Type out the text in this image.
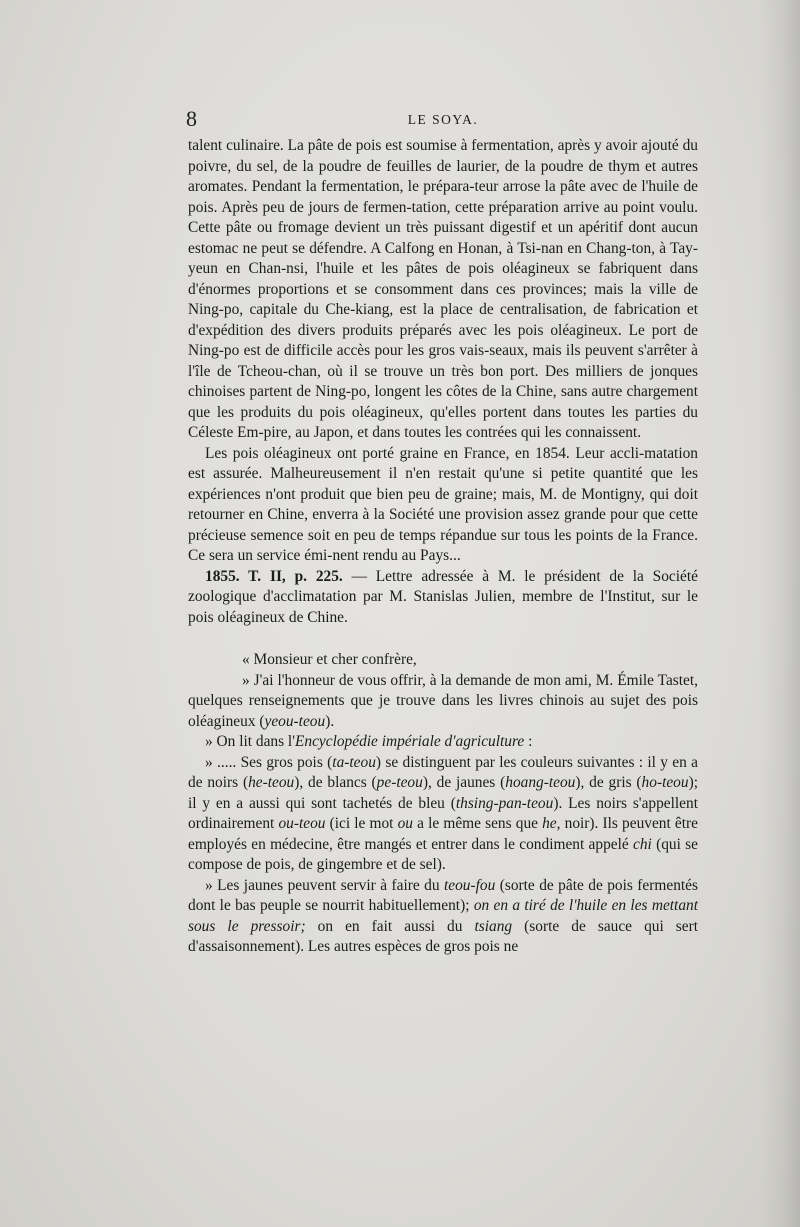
8	LE SOYA.

talent culinaire. La pâte de pois est soumise à fermentation, après y avoir ajouté du poivre, du sel, de la poudre de feuilles de laurier, de la poudre de thym et autres aromates. Pendant la fermentation, le prépara-teur arrose la pâte avec de l'huile de pois. Après peu de jours de fermen-tation, cette préparation arrive au point voulu. Cette pâte ou fromage devient un très puissant digestif et un apéritif dont aucun estomac ne peut se défendre. A Calfong en Honan, à Tsi-nan en Chang-ton, à Tay-yeun en Chan-nsi, l'huile et les pâtes de pois oléagineux se fabriquent dans d'énormes proportions et se consomment dans ces provinces; mais la ville de Ning-po, capitale du Che-kiang, est la place de centralisation, de fabrication et d'expédition des divers produits préparés avec les pois oléagineux. Le port de Ning-po est de difficile accès pour les gros vais-seaux, mais ils peuvent s'arrêter à l'île de Tcheou-chan, où il se trouve un très bon port. Des milliers de jonques chinoises partent de Ning-po, longent les côtes de la Chine, sans autre chargement que les produits du pois oléagineux, qu'elles portent dans toutes les parties du Céleste Em-pire, au Japon, et dans toutes les contrées qui les connaissent.

Les pois oléagineux ont porté graine en France, en 1854. Leur accli-matation est assurée. Malheureusement il n'en restait qu'une si petite quantité que les expériences n'ont produit que bien peu de graine; mais, M. de Montigny, qui doit retourner en Chine, enverra à la Société une provision assez grande pour que cette précieuse semence soit en peu de temps répandue sur tous les points de la France. Ce sera un service émi-nent rendu au Pays...

1855. T. II, p. 225. — Lettre adressée à M. le président de la Société zoologique d'acclimatation par M. Stanislas Julien, membre de l'Institut, sur le pois oléagineux de Chine.

« Monsieur et cher confrère,

» J'ai l'honneur de vous offrir, à la demande de mon ami, M. Émile Tastet, quelques renseignements que je trouve dans les livres chinois au sujet des pois oléagineux (yeou-teou).

» On lit dans l'Encyclopédie impériale d'agriculture :

» ..... Ses gros pois (ta-teou) se distinguent par les couleurs suivantes : il y en a de noirs (he-teou), de blancs (pe-teou), de jaunes (hoang-teou), de gris (ho-teou); il y en a aussi qui sont tachetés de bleu (thsing-pan-teou). Les noirs s'appellent ordinairement ou-teou (ici le mot ou a le même sens que he, noir). Ils peuvent être employés en médecine, être mangés et entrer dans le condiment appelé chi (qui se compose de pois, de gingembre et de sel).

» Les jaunes peuvent servir à faire du teou-fou (sorte de pâte de pois fermentés dont le bas peuple se nourrit habituellement); on en a tiré de l'huile en les mettant sous le pressoir; on en fait aussi du tsiang (sorte de sauce qui sert d'assaisonnement). Les autres espèces de gros pois ne
